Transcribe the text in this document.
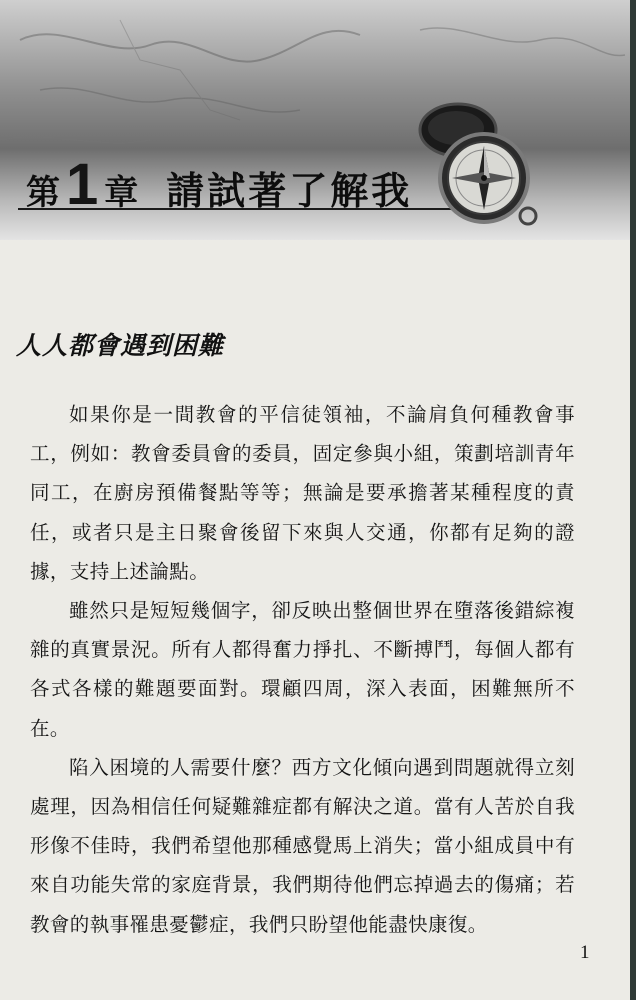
第 1 章 請試著了解我
人人都會遇到困難

如果你是一間教會的平信徒領袖，不論肩負何種教會事工，例如：教會委員會的委員，固定參與小組，策劃培訓青年同工，在廚房預備餐點等等；無論是要承擔著某種程度的責任，或者只是主日聚會後留下來與人交通，你都有足夠的證據，支持上述論點。

雖然只是短短幾個字，卻反映出整個世界在墮落後錯綜複雜的真實景況。所有人都得奮力掙扎、不斷搏鬥，每個人都有各式各樣的難題要面對。環顧四周，深入表面，困難無所不在。

陷入困境的人需要什麼？西方文化傾向遇到問題就得立刻處理，因為相信任何疑難雜症都有解決之道。當有人苦於自我形像不佳時，我們希望他那種感覺馬上消失；當小組成員中有來自功能失常的家庭背景，我們期待他們忘掉過去的傷痛；若教會的執事罹患憂鬱症，我們只盼望他能盡快康復。

1
